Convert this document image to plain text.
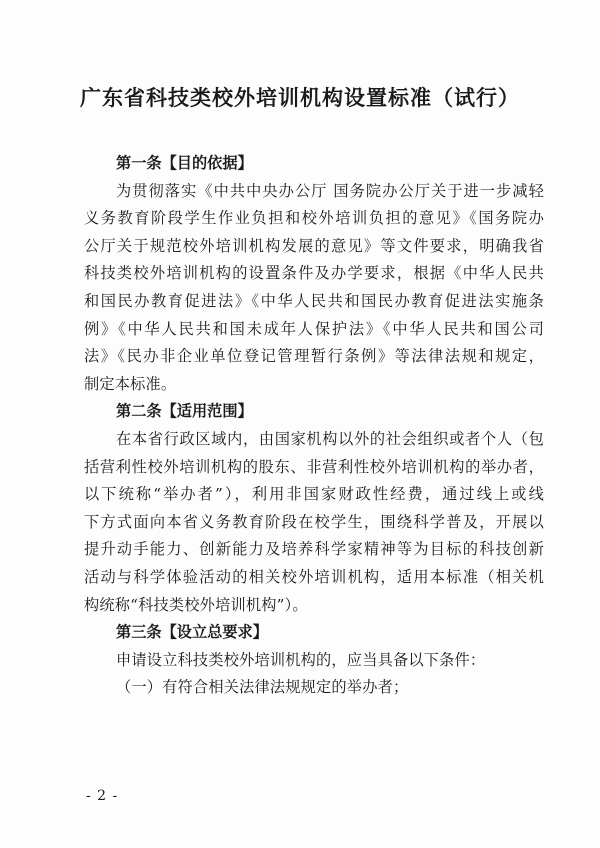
广东省科技类校外培训机构设置标准（试行）
第一条【目的依据】
为贯彻落实《中共中央办公厅 国务院办公厅关于进一步减轻
义务教育阶段学生作业负担和校外培训负担的意见》《国务院办
公厅关于规范校外培训机构发展的意见》等文件要求，明确我省
科技类校外培训机构的设置条件及办学要求，根据《中华人民共
和国民办教育促进法》《中华人民共和国民办教育促进法实施条
例》《中华人民共和国未成年人保护法》《中华人民共和国公司
法》《民办非企业单位登记管理暂行条例》等法律法规和规定，
制定本标准。
第二条【适用范围】
在本省行政区域内，由国家机构以外的社会组织或者个人（包
括营利性校外培训机构的股东、非营利性校外培训机构的举办者，
以下统称“举办者”），利用非国家财政性经费，通过线上或线
下方式面向本省义务教育阶段在校学生，围绕科学普及，开展以
提升动手能力、创新能力及培养科学家精神等为目标的科技创新
活动与科学体验活动的相关校外培训机构，适用本标准（相关机
构统称“科技类校外培训机构”）。
第三条【设立总要求】
申请设立科技类校外培训机构的，应当具备以下条件：
（一）有符合相关法律法规规定的举办者；
- 2 -
